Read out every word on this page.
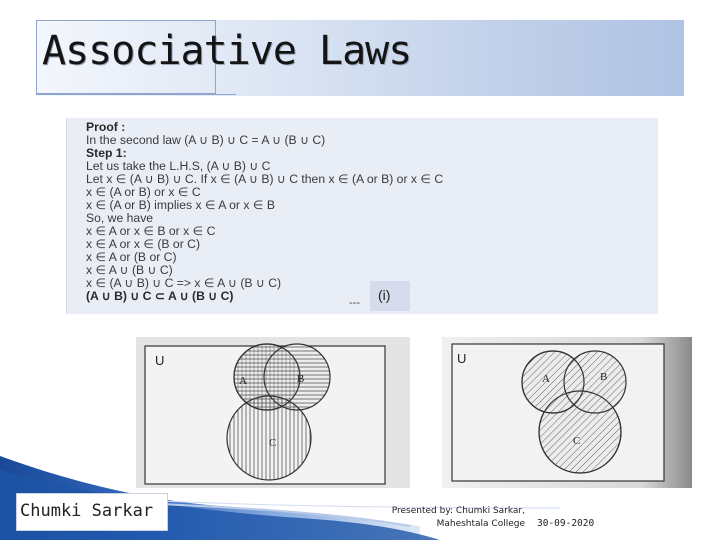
Associative Laws
Proof :
In the second law (A ∪ B) ∪ C = A ∪ (B ∪ C)
Step 1:
Let us take the L.H.S, (A ∪ B) ∪ C
Let x ∈ (A ∪ B) ∪ C. If x ∈ (A ∪ B) ∪ C then x ∈ (A or B) or x ∈ C
x ∈ (A or B) or x ∈ C
x ∈ (A or B) implies x ∈ A or x ∈ B
So, we have
x ∈ A or x ∈ B or x ∈ C
x ∈ A or x ∈ (B or C)
x ∈ A or (B or C)
x ∈ A ∪ (B ∪ C)
x ∈ (A ∪ B) ∪ C => x ∈ A ∪ (B ∪ C)
(A ∪ B) ∪ C ⊂ A ∪ (B ∪ C)	(i)
---
U
A	B
C
U
A	B
C
Chumki Sarkar	Presented by: Chumki Sarkar,
Maheshtala College 30-09-2020
